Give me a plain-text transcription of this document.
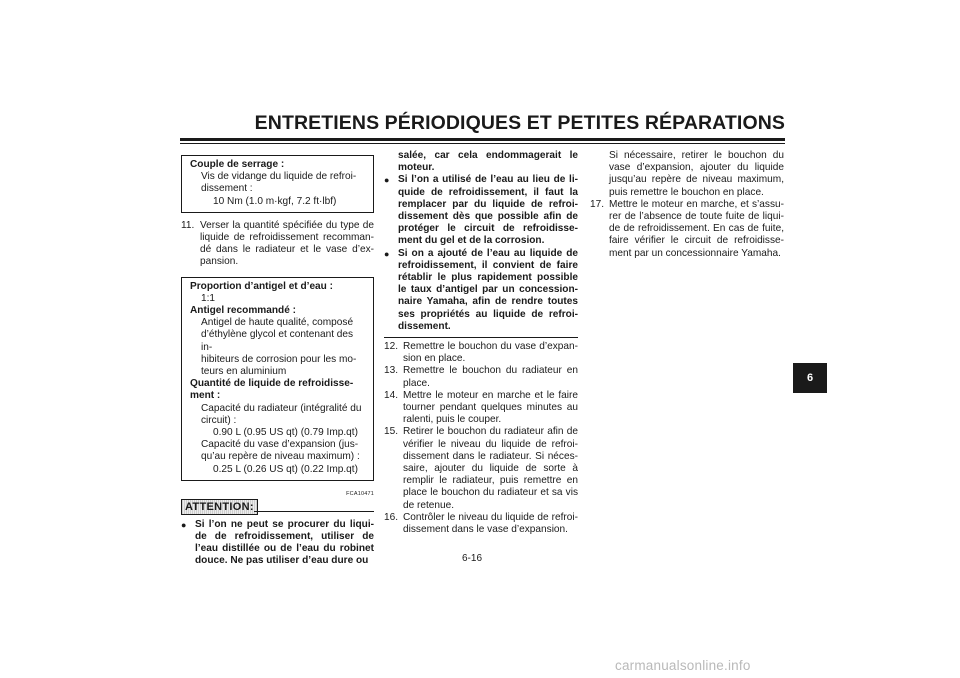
ENTRETIENS PÉRIODIQUES ET PETITES RÉPARATIONS
Couple de serrage :
Vis de vidange du liquide de refroi-
dissement :
10 Nm (1.0 m·kgf, 7.2 ft·lbf)
11. Verser la quantité spécifiée du type de liquide de refroidissement recomman-dé dans le radiateur et le vase d’ex-pansion.
Proportion d’antigel et d’eau :
1:1
Antigel recommandé :
Antigel de haute qualité, composé
d’éthylène glycol et contenant des in-
hibiteurs de corrosion pour les mo-
teurs en aluminium
Quantité de liquide de refroidisse-
ment :
Capacité du radiateur (intégralité du
circuit) :
0.90 L (0.95 US qt) (0.79 Imp.qt)
Capacité du vase d’expansion (jus-
qu’au repère de niveau maximum) :
0.25 L (0.26 US qt) (0.22 Imp.qt)
FCA10471
ATTENTION:
● Si l’on ne peut se procurer du liqui-de de refroidissement, utiliser de l’eau distillée ou de l’eau du robinet douce. Ne pas utiliser d’eau dure ou
salée, car cela endommagerait le moteur.
● Si l’on a utilisé de l’eau au lieu de li-quide de refroidissement, il faut la remplacer par du liquide de refroi-dissement dès que possible afin de protéger le circuit de refroidisse-ment du gel et de la corrosion.
● Si on a ajouté de l’eau au liquide de refroidissement, il convient de faire rétablir le plus rapidement possible le taux d’antigel par un concession-naire Yamaha, afin de rendre toutes ses propriétés au liquide de refroi-dissement.
12. Remettre le bouchon du vase d’expan-sion en place.
13. Remettre le bouchon du radiateur en place.
14. Mettre le moteur en marche et le faire tourner pendant quelques minutes au ralenti, puis le couper.
15. Retirer le bouchon du radiateur afin de vérifier le niveau du liquide de refroi-dissement dans le radiateur. Si néces-saire, ajouter du liquide de sorte à remplir le radiateur, puis remettre en place le bouchon du radiateur et sa vis de retenue.
16. Contrôler le niveau du liquide de refroi-dissement dans le vase d’expansion.
Si nécessaire, retirer le bouchon du vase d’expansion, ajouter du liquide jusqu’au repère de niveau maximum, puis remettre le bouchon en place.
17. Mettre le moteur en marche, et s’assu-rer de l’absence de toute fuite de liqui-de de refroidissement. En cas de fuite, faire vérifier le circuit de refroidisse-ment par un concessionnaire Yamaha.
6
6-16
carmanualsonline.info
